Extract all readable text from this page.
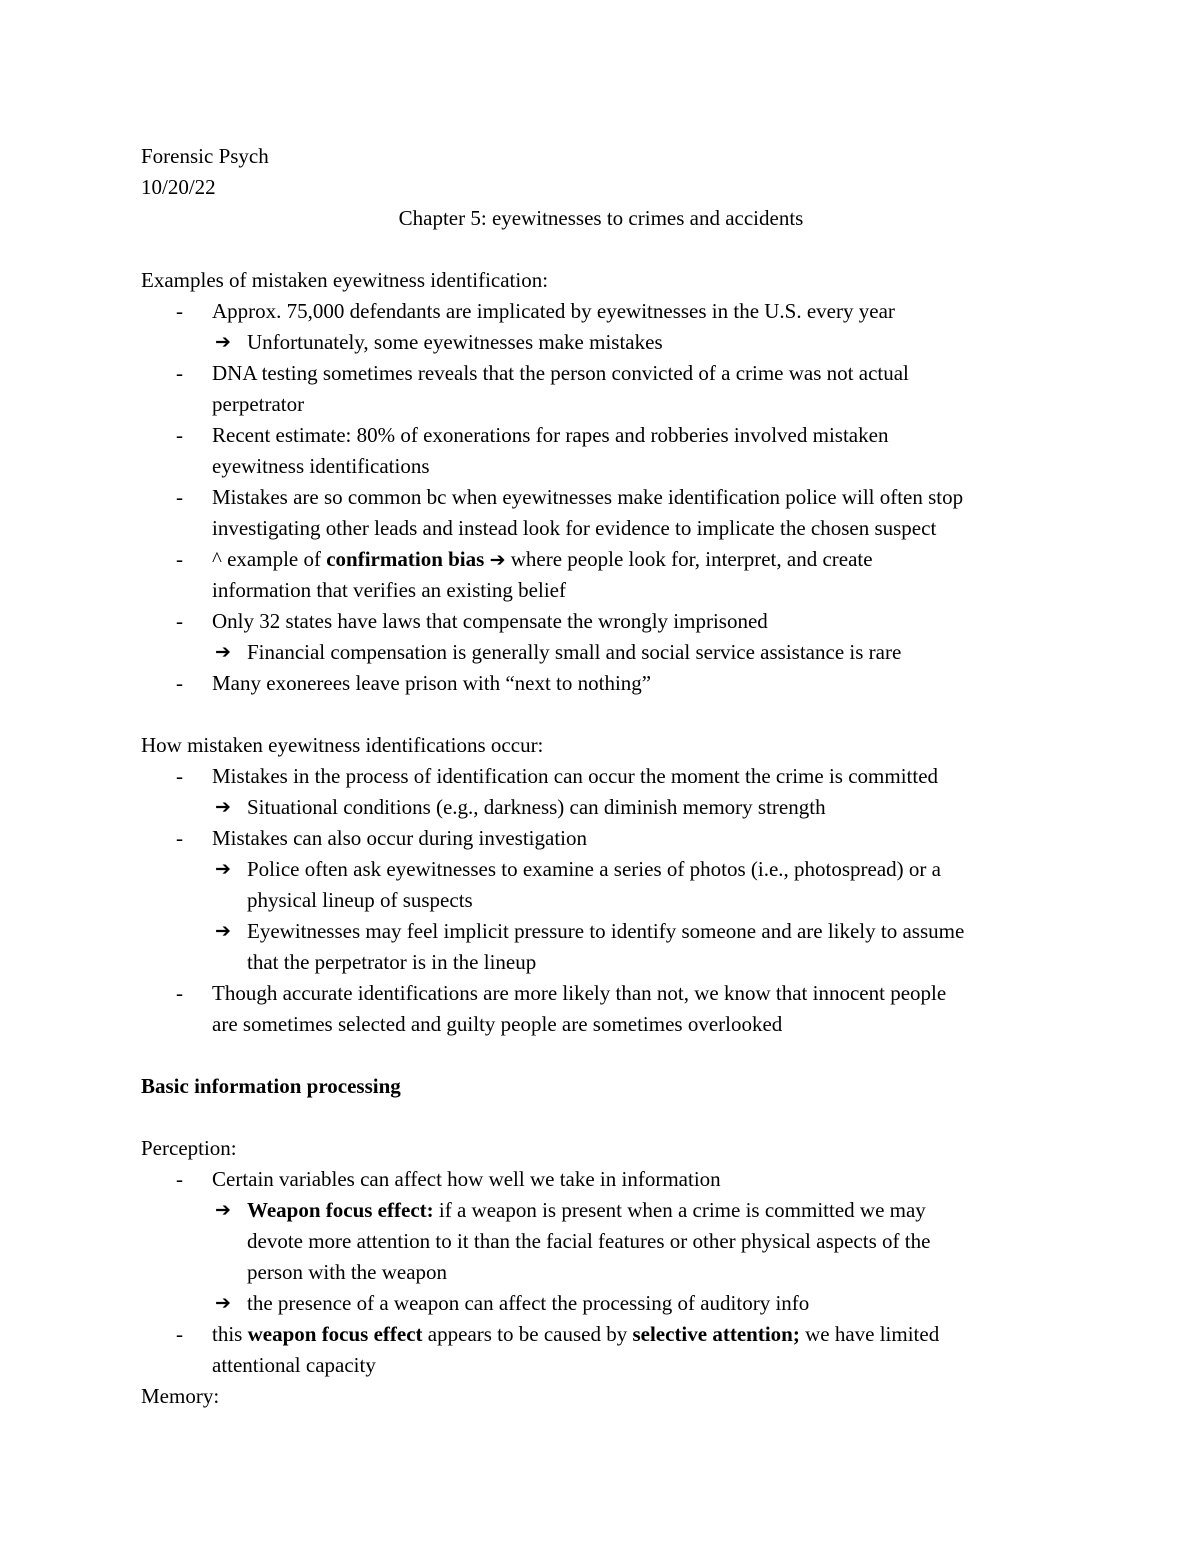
Forensic Psych
10/20/22
Chapter 5: eyewitnesses to crimes and accidents
Examples of mistaken eyewitness identification:
- Approx. 75,000 defendants are implicated by eyewitnesses in the U.S. every year
➔ Unfortunately, some eyewitnesses make mistakes
- DNA testing sometimes reveals that the person convicted of a crime was not actual
perpetrator
- Recent estimate: 80% of exonerations for rapes and robberies involved mistaken
eyewitness identifications
- Mistakes are so common bc when eyewitnesses make identification police will often stop
investigating other leads and instead look for evidence to implicate the chosen suspect
- ^ example of confirmation bias ➔ where people look for, interpret, and create
information that verifies an existing belief
- Only 32 states have laws that compensate the wrongly imprisoned
➔ Financial compensation is generally small and social service assistance is rare
- Many exonerees leave prison with “next to nothing”
How mistaken eyewitness identifications occur:
- Mistakes in the process of identification can occur the moment the crime is committed
➔ Situational conditions (e.g., darkness) can diminish memory strength
- Mistakes can also occur during investigation
➔ Police often ask eyewitnesses to examine a series of photos (i.e., photospread) or a
physical lineup of suspects
➔ Eyewitnesses may feel implicit pressure to identify someone and are likely to assume
that the perpetrator is in the lineup
- Though accurate identifications are more likely than not, we know that innocent people
are sometimes selected and guilty people are sometimes overlooked
Basic information processing
Perception:
- Certain variables can affect how well we take in information
➔ Weapon focus effect: if a weapon is present when a crime is committed we may
devote more attention to it than the facial features or other physical aspects of the
person with the weapon
➔ the presence of a weapon can affect the processing of auditory info
- this weapon focus effect appears to be caused by selective attention; we have limited
attentional capacity
Memory:
